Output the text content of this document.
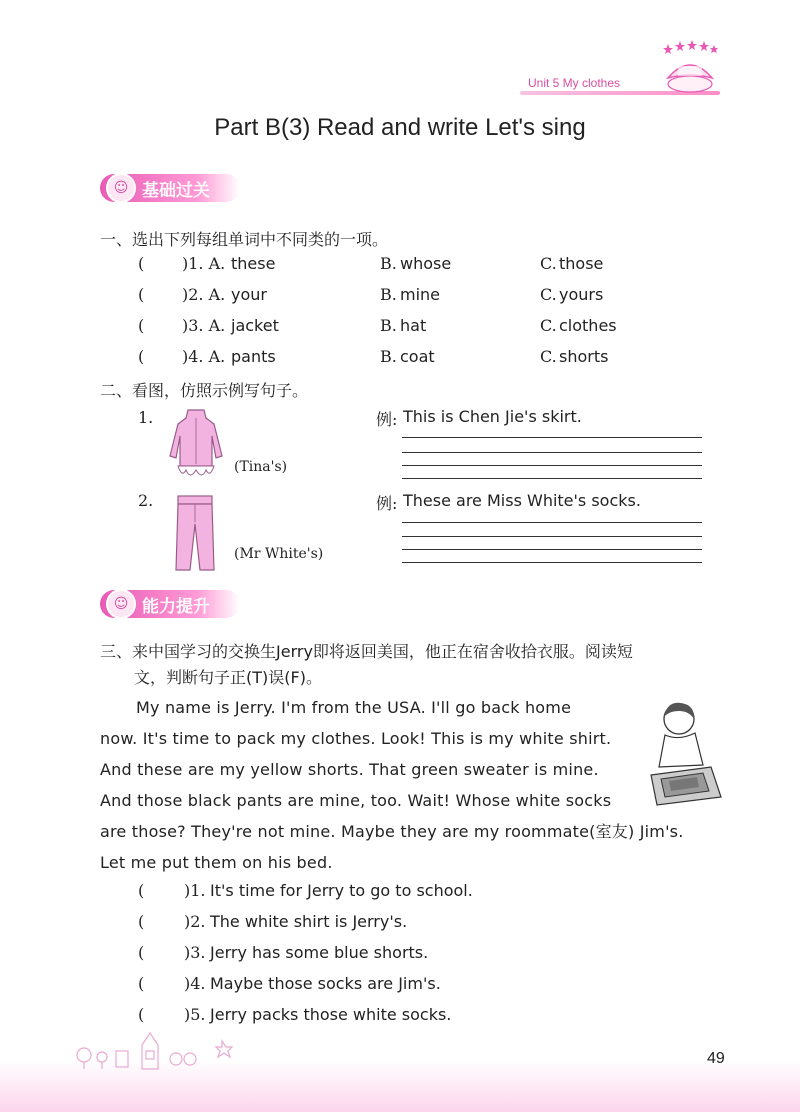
Unit 5 My clothes
Part B(3) Read and write Let's sing
☺ 基础过关
一、选出下列每组单词中不同类的一项。
( )1. A. these	B. whose	C. those
( )2. A. your	B. mine	C. yours
( )3. A. jacket	B. hat	C. clothes
( )4. A. pants	B. coat	C. shorts
二、看图，仿照示例写句子。
1.
(Tina's)
例: This is Chen Jie's skirt.
2.
(Mr White's)
例: These are Miss White's socks.
☺ 能力提升
三、来中国学习的交换生Jerry即将返回美国，他正在宿舍收拾衣服。阅读短
文，判断句子正(T)误(F)。
My name is Jerry. I'm from the USA. I'll go back home
now. It's time to pack my clothes. Look! This is my white shirt.
And these are my yellow shorts. That green sweater is mine.
And those black pants are mine, too. Wait! Whose white socks
are those? They're not mine. Maybe they are my roommate(室友) Jim's.
Let me put them on his bed.
( )1. It's time for Jerry to go to school.
( )2. The white shirt is Jerry's.
( )3. Jerry has some blue shorts.
( )4. Maybe those socks are Jim's.
( )5. Jerry packs those white socks.
49
